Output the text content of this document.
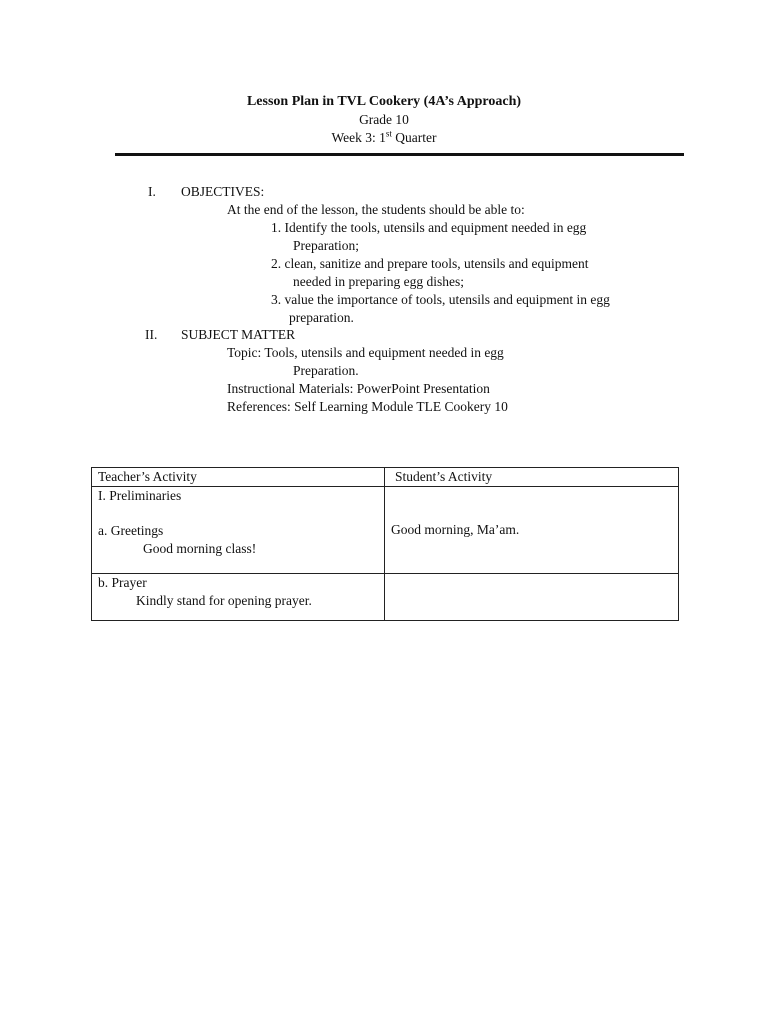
Lesson Plan in TVL Cookery (4A’s Approach)
Grade 10
Week 3: 1st Quarter
I. OBJECTIVES:
At the end of the lesson, the students should be able to:
1. Identify the tools, utensils and equipment needed in egg
Preparation;
2. clean, sanitize and prepare tools, utensils and equipment
needed in preparing egg dishes;
3. value the importance of tools, utensils and equipment in egg
preparation.
II. SUBJECT MATTER
Topic: Tools, utensils and equipment needed in egg
Preparation.
Instructional Materials: PowerPoint Presentation
References: Self Learning Module TLE Cookery 10
Teacher’s Activity	Student’s Activity

I. Preliminaries
a. Greetings
Good morning class!	Good morning, Ma’am.

b. Prayer
Kindly stand for opening prayer.	
